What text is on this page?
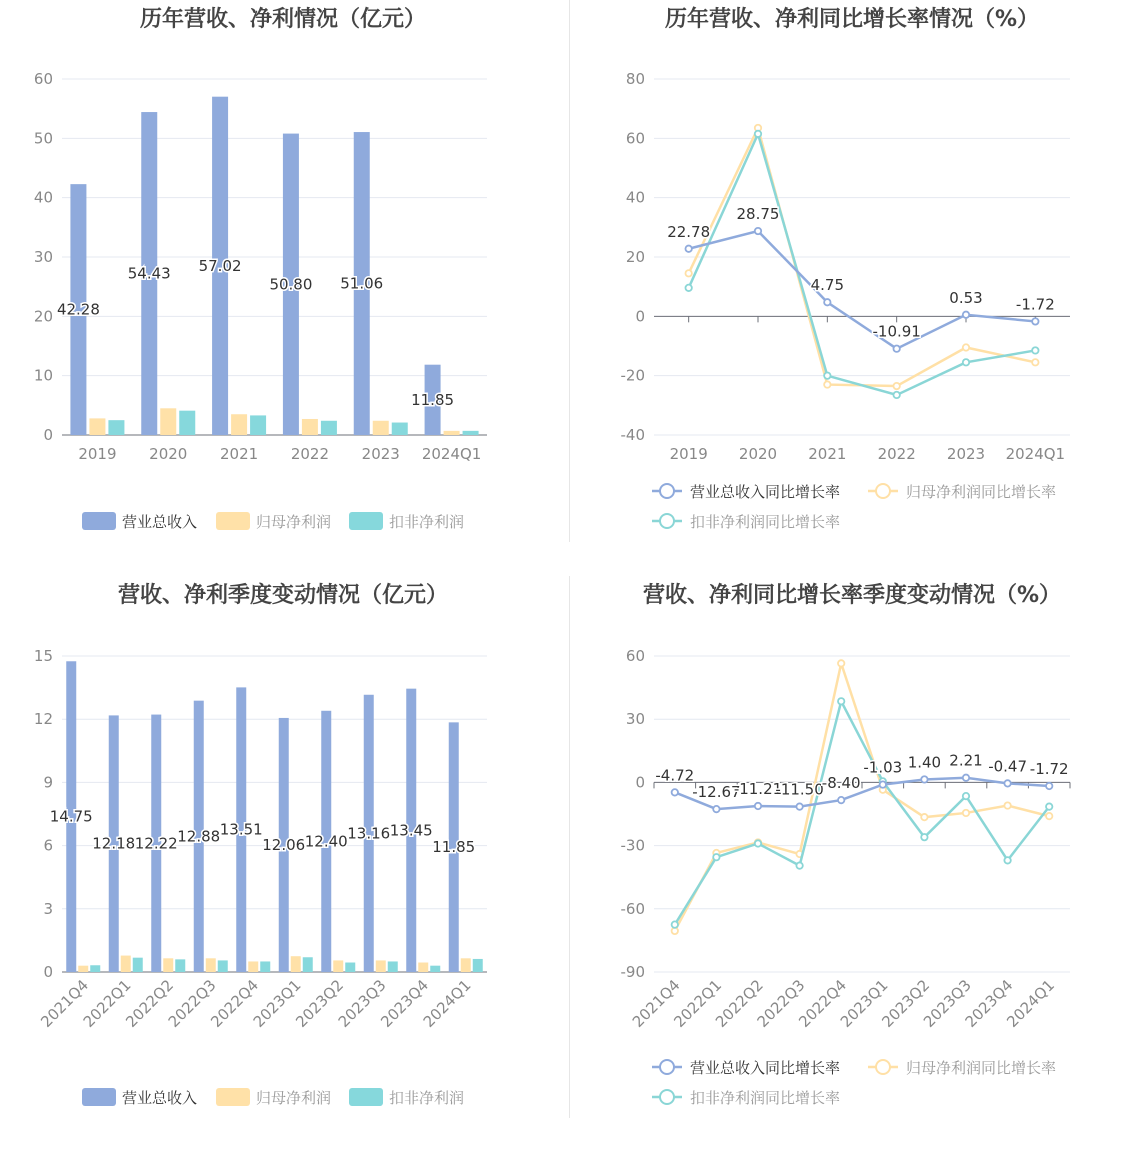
历年营收、净利情况（亿元）
0
10
20
30
40
50
60
2019 2020 2021 2022 2023 2024Q1
42.28
54.43 57.02
50.80 51.06
11.85
营业总收入	归母净利润	扣非净利润
历年营收、净利同比增长率情况（%）
-40
-20
0
20
40
60
80
2019 2020 2021 2022 2023 2024Q1
22.78
28.75
4.75
-10.91
0.53 -1.72
营业总收入同比增长率	归母净利润同比增长率
扣非净利润同比增长率
营收、净利季度变动情况（亿元）
0
3
6
9
12
15
2021Q4
2022Q1
2022Q2
2022Q3
2022Q4
2023Q1
2023Q2
2023Q3
2023Q4
2024Q1
14.75
12.18 12.22 12.88 13.51
12.06 12.40 13.16 13.45
11.85
营业总收入	归母净利润	扣非净利润
营收、净利同比增长率季度变动情况（%）
-90
-60
-30
0
30
60
2021Q4
2022Q1
2022Q2
2022Q3
2022Q4
2023Q1
2023Q2
2023Q3
2023Q4
2024Q1
-4.72
-12.67
-11.21
-11.50
-8.40
-1.03 1.40 2.21 -0.47 -1.72
营业总收入同比增长率	归母净利润同比增长率
扣非净利润同比增长率
